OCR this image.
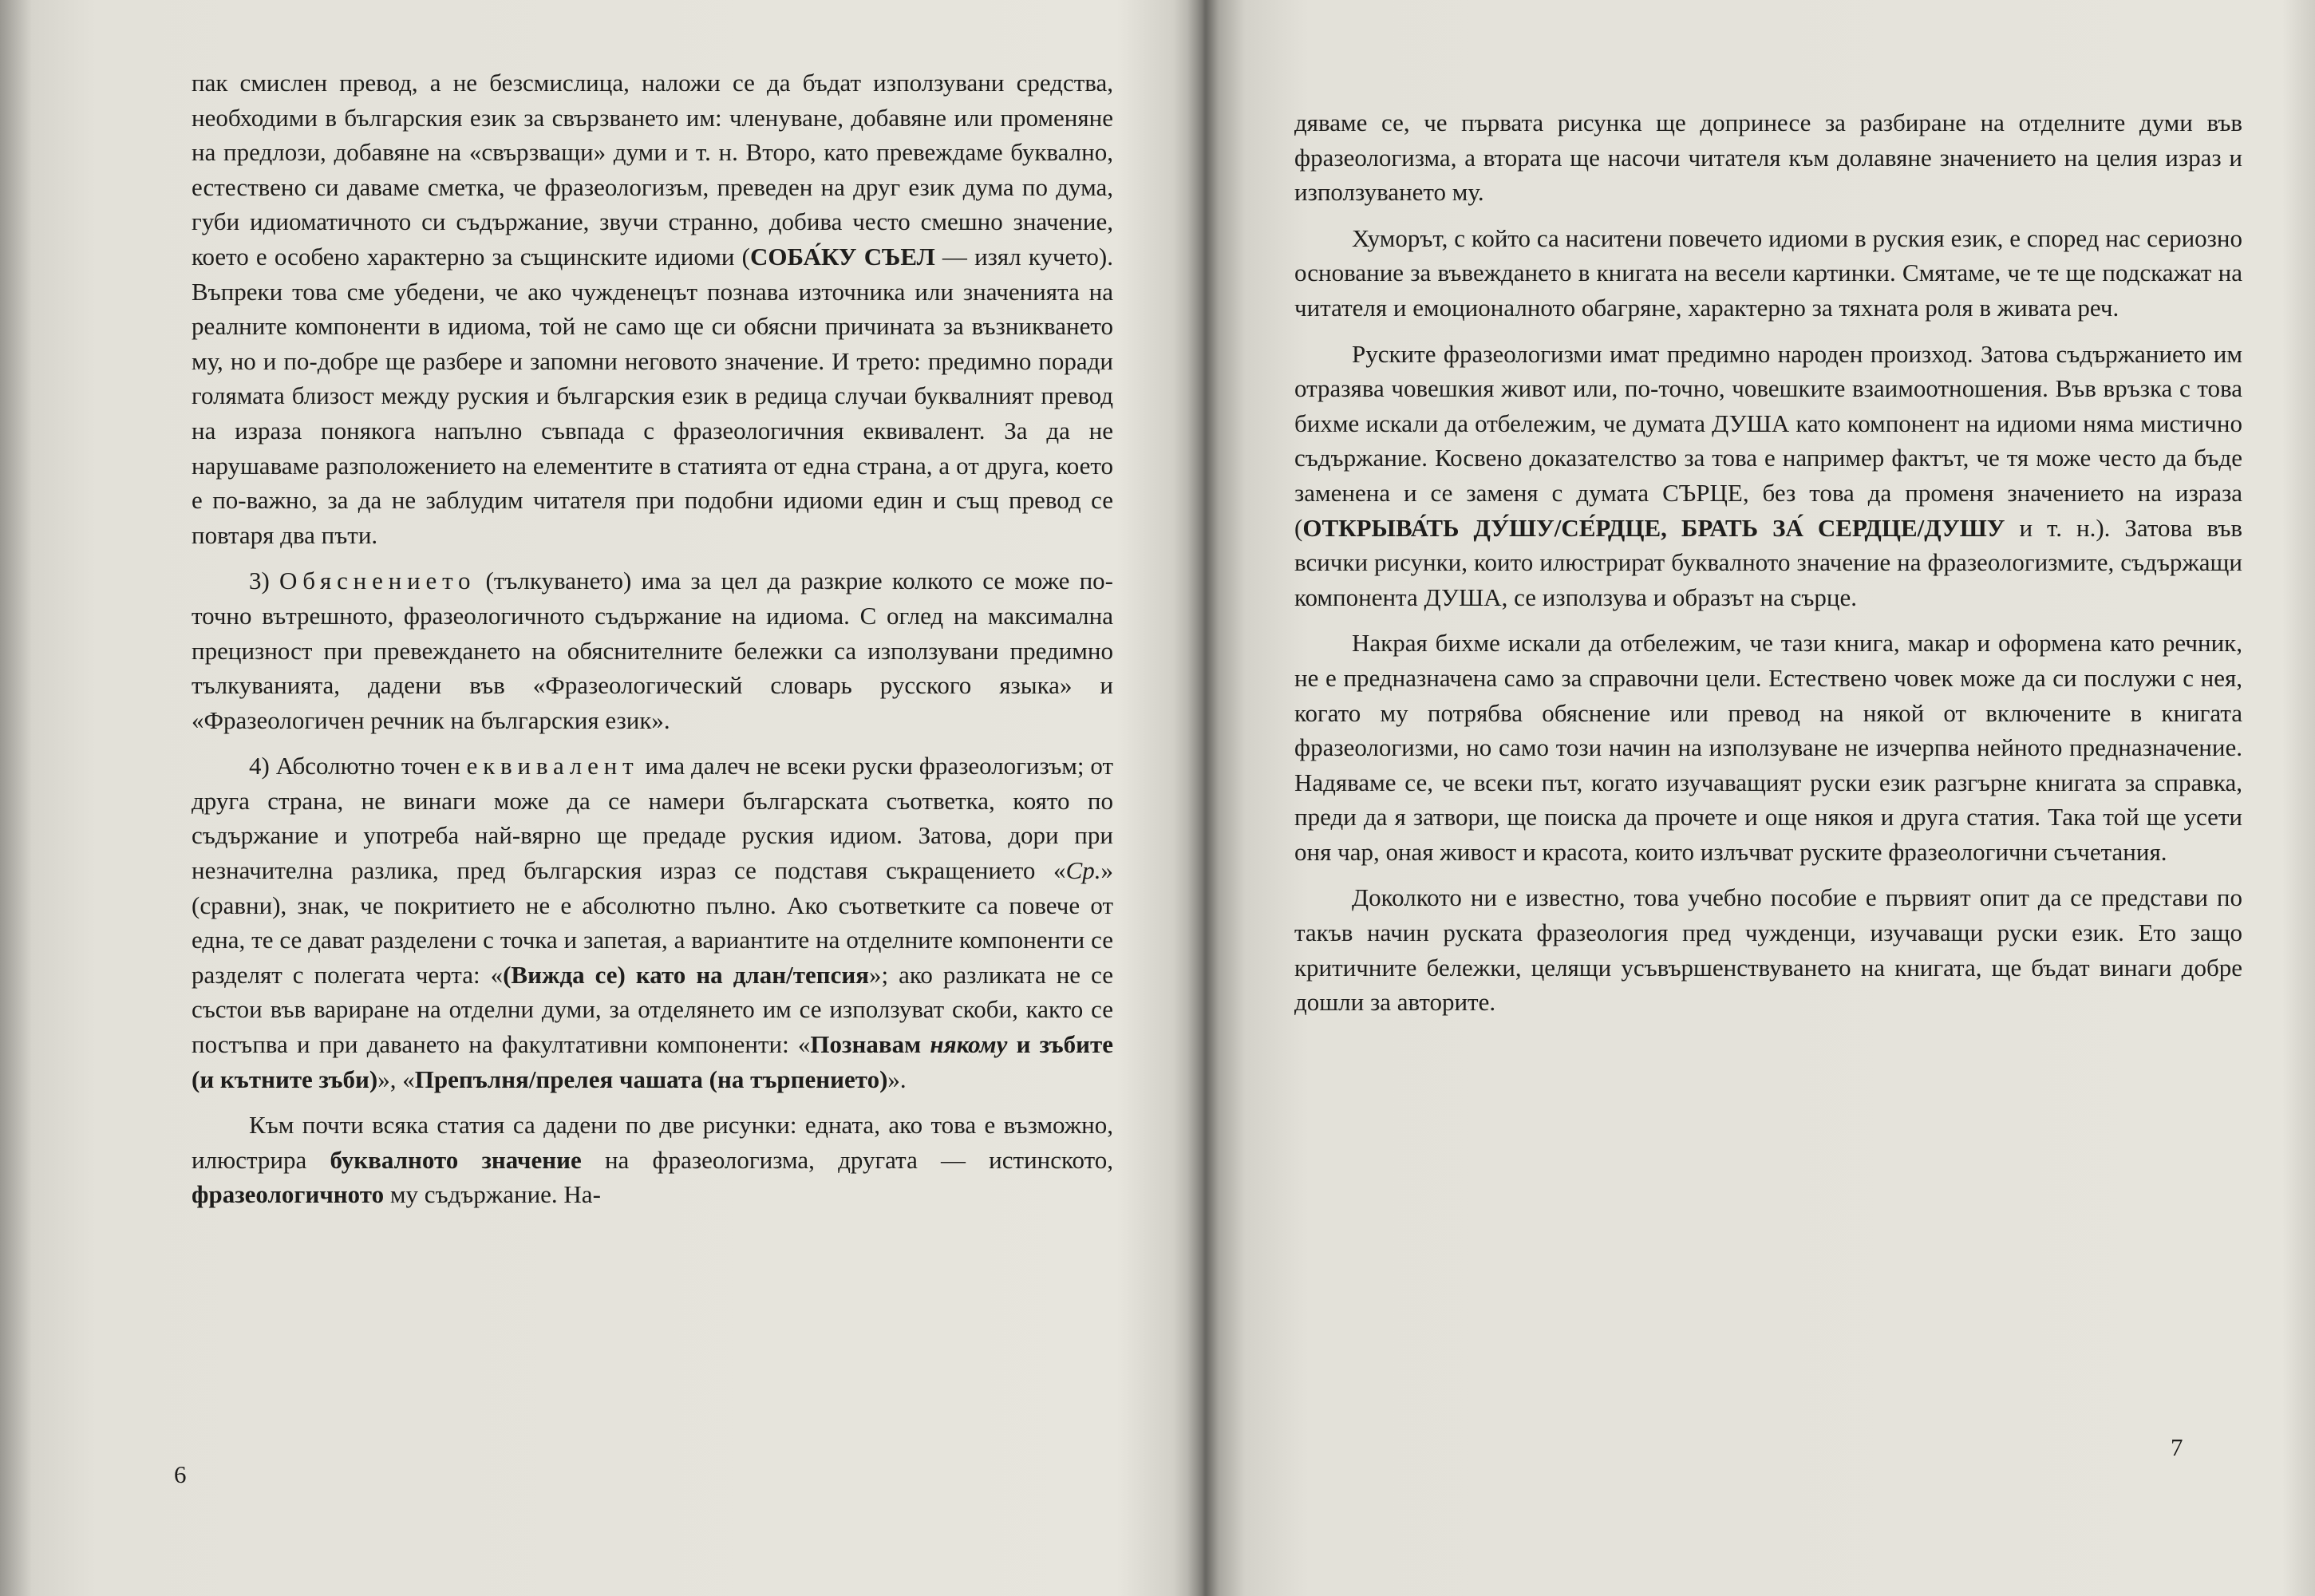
пак смислен превод, а не безсмислица, наложи се да бъдат използувани средства, необходими в българския език за свързването им: членуване, добавяне или променяне на предлози, добавяне на «свързващи» думи и т. н. Второ, като превеждаме буквално, естествено си даваме сметка, че фразеологизъм, преведен на друг език дума по дума, губи идиоматичното си съдържание, звучи странно, добива често смешно значение, което е особено характерно за същинските идиоми (СОБА́КУ СЪЕЛ — изял кучето). Въпреки това сме убедени, че ако чужденецът познава източника или значенията на реалните компоненти в идиома, той не само ще си обясни причината за възникването му, но и по-добре ще разбере и запомни неговото значение. И трето: предимно поради голямата близост между руския и българския език в редица случаи буквалният превод на израза понякога напълно съвпада с фразеологичния еквивалент. За да не нарушаваме разположението на елементите в статията от една страна, а от друга, което е по-важно, за да не заблудим читателя при подобни идиоми един и същ превод се повтаря два пъти.

3) Обяснението (тълкуването) има за цел да разкрие колкото се може по-точно вътрешното, фразеологичното съдържание на идиома. С оглед на максимална прецизност при превеждането на обяснителните бележки са използувани предимно тълкуванията, дадени във «Фразеологический словарь русского языка» и «Фразеологичен речник на българския език».

4) Абсолютно точен еквивалент има далеч не всеки руски фразеологизъм; от друга страна, не винаги може да се намери българската съответка, която по съдържание и употреба най-вярно ще предаде руския идиом. Затова, дори при незначителна разлика, пред българския израз се подставя съкращението «Ср.» (сравни), знак, че покритието не е абсолютно пълно. Ако съответките са повече от една, те се дават разделени с точка и запетая, а вариантите на отделните компоненти се разделят с полегата черта: «(Вижда се) като на длан/тепсия»; ако разликата не се състои във вариране на отделни думи, за отделянето им се използуват скоби, както се постъпва и при даването на факултативни компоненти: «Познавам някому и зъбите (и кътните зъби)», «Препълня/прелея чашата (на търпението)».

Към почти всяка статия са дадени по две рисунки: едната, ако това е възможно, илюстрира буквалното значение на фразеологизма, другата — истинското, фразеологичното му съдържание. На-

6

дяваме се, че първата рисунка ще допринесе за разбиране на отделните думи във фразеологизма, а втората ще насочи читателя към долавяне значението на целия израз и използуването му.

Хуморът, с който са наситени повечето идиоми в руския език, е според нас сериозно основание за въвеждането в книгата на весели картинки. Смятаме, че те ще подскажат на читателя и емоционалното обагряне, характерно за тяхната роля в живата реч.

Руските фразеологизми имат предимно народен произход. Затова съдържанието им отразява човешкия живот или, по-точно, човешките взаимоотношения. Във връзка с това бихме искали да отбележим, че думата ДУША като компонент на идиоми няма мистично съдържание. Косвено доказателство за това е например фактът, че тя може често да бъде заменена и се заменя с думата СЪРЦЕ, без това да променя значението на израза (ОТКРЫВА́ТЬ ДУ́ШУ/СЕ́РДЦЕ, БРАТЬ ЗА́ СЕРДЦЕ/ДУШУ и т. н.). Затова във всички рисунки, които илюстрират буквалното значение на фразеологизмите, съдържащи компонента ДУША, се използува и образът на сърце.

Накрая бихме искали да отбележим, че тази книга, макар и оформена като речник, не е предназначена само за справочни цели. Естествено човек може да си послужи с нея, когато му потрябва обяснение или превод на някой от включените в книгата фразеологизми, но само този начин на използуване не изчерпва нейното предназначение. Надяваме се, че всеки път, когато изучаващият руски език разгърне книгата за справка, преди да я затвори, ще поиска да прочете и още някоя и друга статия. Така той ще усети оня чар, оная живост и красота, които излъчват руските фразеологични съчетания.

Доколкото ни е известно, това учебно пособие е първият опит да се представи по такъв начин руската фразеология пред чужденци, изучаващи руски език. Ето защо критичните бележки, целящи усъвършенствуването на книгата, ще бъдат винаги добре дошли за авторите.

7
